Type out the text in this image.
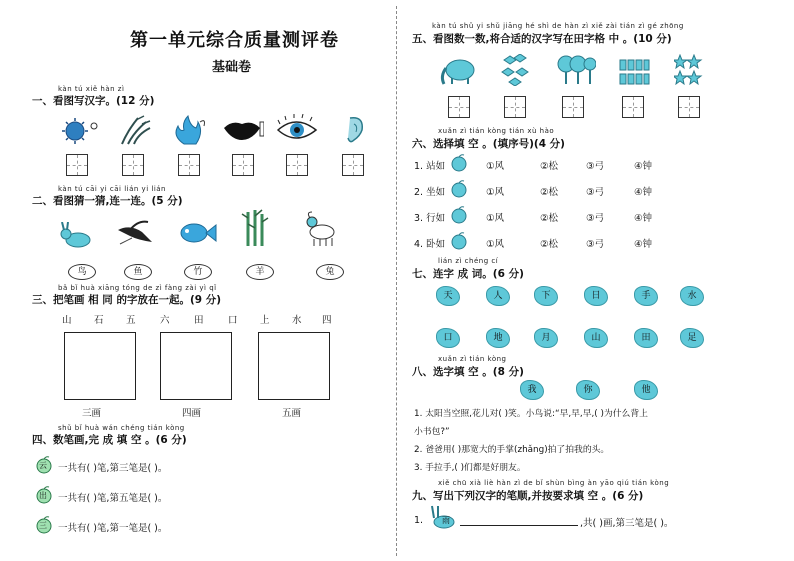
第一单元综合质量测评卷
基础卷
kàn tú xiě hàn zì
一、看图写汉字。(12 分)
kàn tú cāi yi cāi lián yi lián
二、看图猜一猜,连一连。(5 分)
鸟	鱼	竹	羊	兔
bǎ bǐ huà xiāng tóng de zì fàng zài yì qǐ
三、把笔画 相 同 的字放在一起。(9 分)
山 石 五	六	田	口 上 水 四
三画	四画	五画
shǔ bǐ huà wán chéng tián kòng
四、数笔画,完 成 填 空 。(6 分)
云 一共有( )笔,第三笔是( )。
出 一共有( )笔,第五笔是( )。
三 一共有( )笔,第一笔是( )。
kàn tú shǔ yi shǔ jiāng hé shì de hàn zì xiě zài tián zì gé zhōng
五、看图数一数,将合适的汉字写在田字格 中 。(10 分)
xuǎn zì tián kòng tián xù hào
六、选择填 空 。(填序号)(4 分)
1. 站如	①风	②松	③弓	④钟
2. 坐如	①风	②松	③弓	④钟
3. 行如	①风	②松	③弓	④钟
4. 卧如	①风	②松	③弓	④钟
lián zì chéng cí
七、连字 成 词。(6 分)
天	人	下	日	手	水
口	地	月	山	田	足
xuǎn zì tián kòng
八、选字填 空 。(8 分)
我	你	他
1. 太阳当空照,花儿对( )笑。小鸟说:“早,早,早,( )为什么背上
小书包?”
2. 爸爸用( )那宽大的手掌(zhǎng)拍了拍我的头。
3. 手拉手,( )们都是好朋友。
xiě chū xià liè hàn zì de bǐ shùn bìng àn yāo qiú tián kòng
九、写出下列汉字的笔顺,并按要求填 空 。(6 分)
1. 雨	,共( )画,第三笔是( )。
